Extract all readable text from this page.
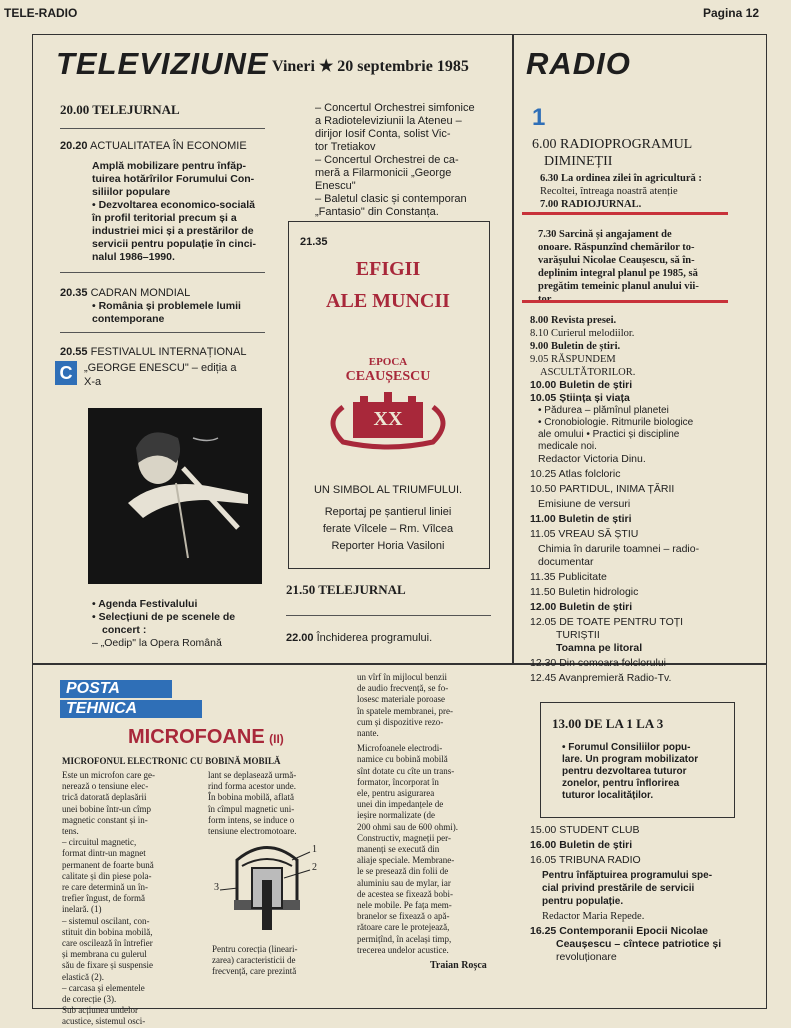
TELE-RADIO	Pagina 12
TELEVIZIUNE Vineri ★ 20 septembrie 1985 RADIO
20.00 TELEJURNAL
20.20 ACTUALITATEA ÎN ECONOMIE
Amplă mobilizare pentru înfăp-
tuirea hotărîrilor Forumului Con-
siliilor populare
• Dezvoltarea economico-socială
în profil teritorial precum și a
industriei mici și a prestărilor de
servicii pentru populație în cinci-
nalul 1986–1990.
20.35 CADRAN MONDIAL
• România și problemele lumii
contemporane
20.55 FESTIVALUL INTERNAȚIONAL
C	„GEORGE ENESCU" – ediția a
X-a
• Agenda Festivalului
• Selecțiuni de pe scenele de
concert :
– „Oedip" la Opera Română
– Concertul Orchestrei simfonice
a Radioteleviziunii la Ateneu –
dirijor Iosif Conta, solist Vic-
tor Tretiakov
– Concertul Orchestrei de ca-
meră a Filarmonicii „George
Enescu"
– Baletul clasic și contemporan
„Fantasio" din Constanța.
21.35
EFIGII
ALE MUNCII
EPOCA
CEAUȘESCU
XX
UN SIMBOL AL TRIUMFULUI.
Reportaj pe șantierul liniei
ferate Vîlcele – Rm. Vîlcea
Reporter Horia Vasiloni
21.50 TELEJURNAL
22.00 Închiderea programului.
1
6.00 RADIOPROGRAMUL
DIMINEȚII
6.30 La ordinea zilei în agricultură :
Recoltei, întreaga noastră atenție
7.00 RADIOJURNAL.
7.30 Sarcină și angajament de
onoare. Răspunzînd chemărilor to-
varășului Nicolae Ceaușescu, să în-
deplinim integral planul pe 1985, să
pregătim temeinic planul anului vii-
8.00 Revista presei.
8.10 Curierul melodiilor.
9.00 Buletin de știri.
9.05 RĂSPUNDEM
ASCULTĂTORILOR.
10.00 Buletin de știri
10.05 Știința și viața
• Pădurea – plămînul planetei
• Cronobiologie. Ritmurile biologice
ale omului • Practici și discipline
medicale noi.
Redactor Victoria Dinu.
10.25 Atlas folcloric
10.50 PARTIDUL, INIMA ȚĂRII
Emisiune de versuri
11.00 Buletin de știri
11.05 VREAU SĂ ȘTIU
Chimia în darurile toamnei – radio-
documentar
11.35 Publicitate
11.50 Buletin hidrologic
12.00 Buletin de știri
12.05 DE TOATE PENTRU TOȚI
TURIȘTII
Toamna pe litoral
12.30 Din comoara folclorului
12.45 Avanpremieră Radio-Tv.
13.00 DE LA 1 LA 3
• Forumul Consiliilor popu-
lare. Un program mobilizator
pentru dezvoltarea tuturor
zonelor, pentru înflorirea
tuturor localităților.
15.00 STUDENT CLUB
16.00 Buletin de știri
16.05 TRIBUNA RADIO
Pentru înfăptuirea programului spe-
cial privind prestările de servicii
pentru populație.
Redactor Maria Repede.
16.25 Contemporanii Epocii Nicolae
Ceaușescu – cîntece patriotice și
revoluționare
POSTA
TEHNICA
MICROFOANE (II)
MICROFONUL ELECTRONIC CU BOBINĂ MOBILĂ
Este un microfon care ge-
nerează o tensiune elec-
trică datorată deplasării
unei bobine într-un cîmp
magnetic constant și in-
tens.
– circuitul magnetic,
format dintr-un magnet
permanent de foarte bună
calitate și din piese pola-
re care determină un în-
trefier îngust, de formă
inelară. (1)
– sistemul oscilant, con-
stituit din bobina mobilă,
care oscilează în întrefier
și membrana cu gulerul
său de fixare și suspensie
elastică (2).
– carcasa și elementele
de corecție (3).
Sub acțiunea undelor
acustice, sistemul osci-
lant se deplasează urmă-
rind forma acestor unde.
În bobina mobilă, aflată
în cîmpul magnetic uni-
form intens, se induce o
tensiune electromotoare.
1
2
3
Pentru corecția (lineari-
zarea) caracteristicii de
frecvență, care prezintă
un vîrf în mijlocul benzii
de audio frecvență, se fo-
losesc materiale poroase
în spatele membranei, pre-
cum și dispozitive rezo-
nante.
Microfoanele electrodi-
namice cu bobină mobilă
sînt dotate cu cîte un trans-
formator, încorporat în
ele, pentru asigurarea
unei din impedanțele de
ieșire normalizate (de
200 ohmi sau de 600 ohmi).
Constructiv, magneții per-
manenți se execută din
aliaje speciale. Membrane-
le se presează din folii de
aluminiu sau de mylar, iar
de acestea se fixează bobi-
nele mobile. Pe fața mem-
branelor se fixează o apă-
rătoare care le protejează,
permițînd, în același timp,
trecerea undelor acustice.
Traian Roșca
